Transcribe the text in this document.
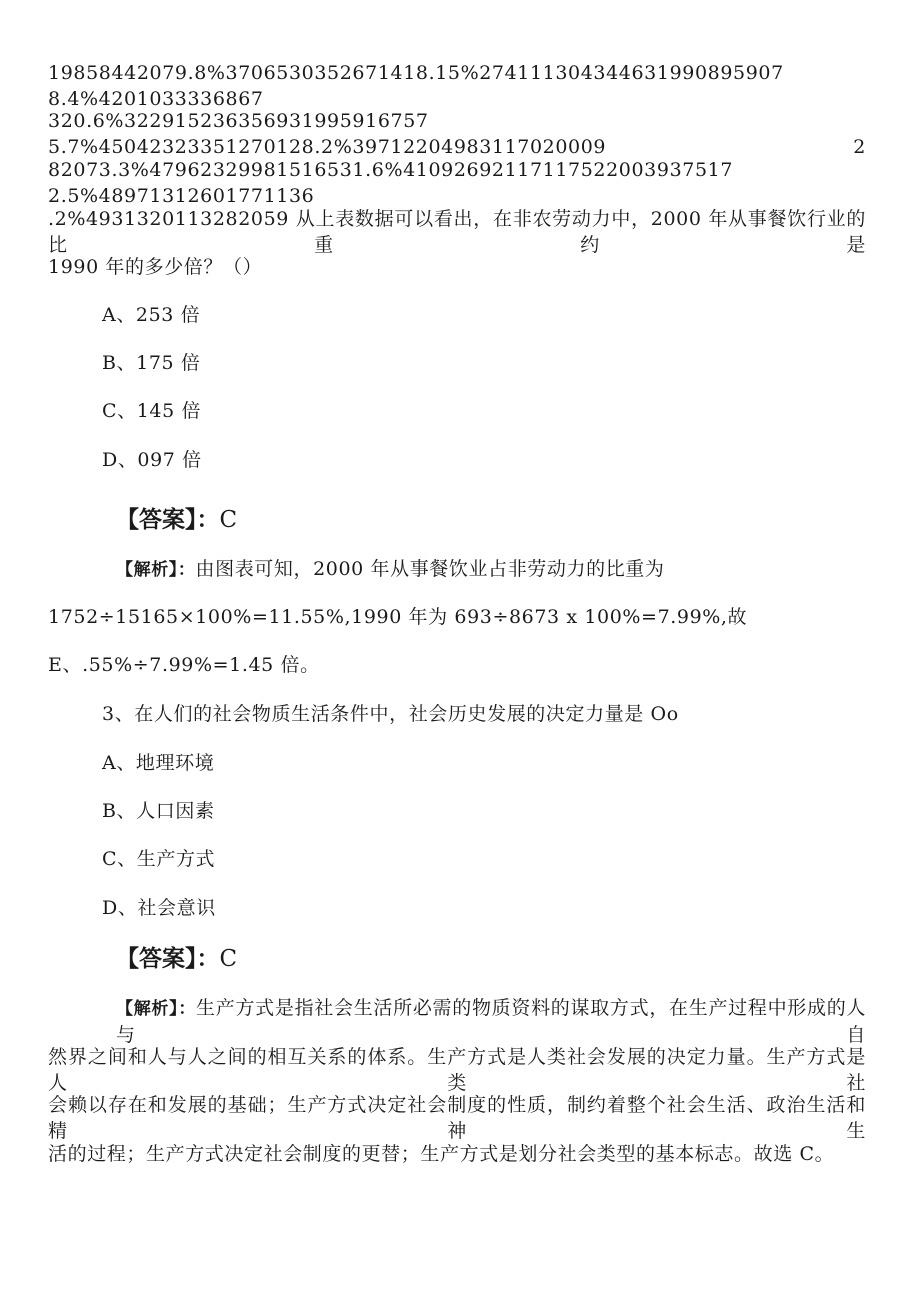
19858442079.8%3706530352671418.15%274111304344631990895907 8.4%4201033336867
320.6%322915236356931995916757 5.7%45042323351270128.2%39712204983117020009 2
82073.3%47962329981516531.6%41092692117117522003937517 2.5%48971312601771136
.2%4931320113282059 从上表数据可以看出，在非农劳动力中，2000 年从事餐饮行业的比重约是
1990 年的多少倍？（）
A、253 倍
B、175 倍
C、145 倍
D、097 倍
【答案】：C
【解析】：由图表可知，2000 年从事餐饮业占非劳动力的比重为
1752÷15165×100%=11.55%,1990 年为 693÷8673 x 100%=7.99%,故
E、.55%÷7.99%=1.45 倍。
3、在人们的社会物质生活条件中，社会历史发展的决定力量是 Oo
A、地理环境
B、人口因素
C、生产方式
D、社会意识
【答案】：C
【解析】：生产方式是指社会生活所必需的物质资料的谋取方式，在生产过程中形成的人与自
然界之间和人与人之间的相互关系的体系。生产方式是人类社会发展的决定力量。生产方式是人类社
会赖以存在和发展的基础；生产方式决定社会制度的性质，制约着整个社会生活、政治生活和精神生
活的过程；生产方式决定社会制度的更替；生产方式是划分社会类型的基本标志。故选 C。
